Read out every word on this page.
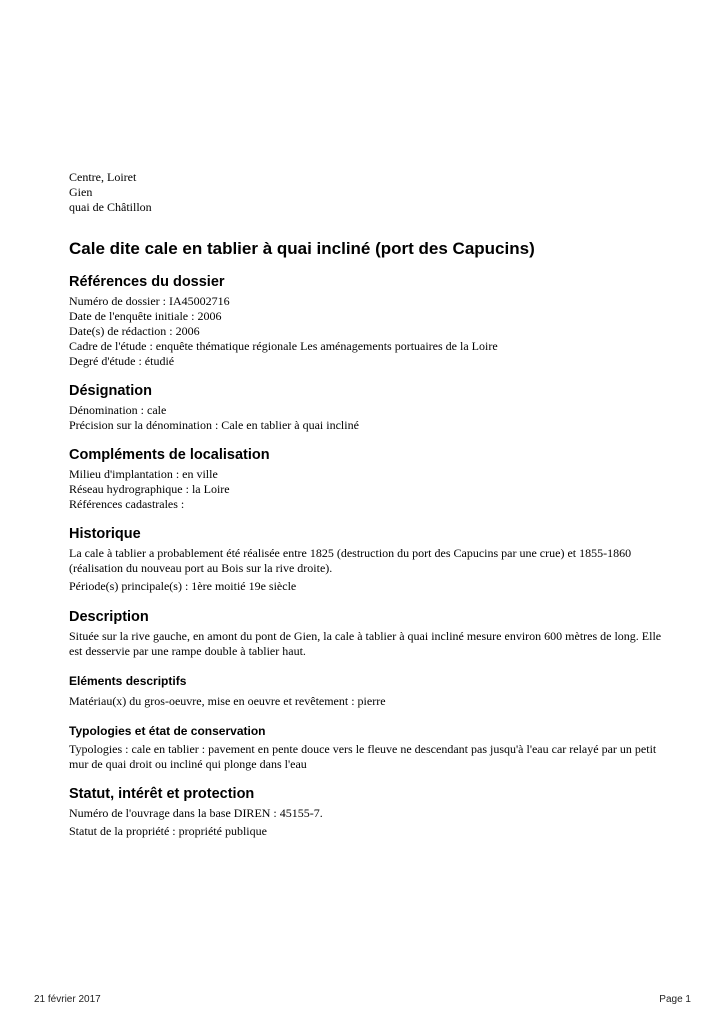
Centre, Loiret
Gien
quai de Châtillon
Cale dite cale en tablier à quai incliné (port des Capucins)
Références du dossier
Numéro de dossier : IA45002716
Date de l'enquête initiale : 2006
Date(s) de rédaction : 2006
Cadre de l'étude : enquête thématique régionale Les aménagements portuaires de la Loire
Degré d'étude : étudié
Désignation
Dénomination : cale
Précision sur la dénomination : Cale en tablier à quai incliné
Compléments de localisation
Milieu d'implantation : en ville
Réseau hydrographique : la Loire
Références cadastrales :
Historique

La cale à tablier a probablement été réalisée entre 1825 (destruction du port des Capucins par une crue) et 1855-1860 (réalisation du nouveau port au Bois sur la rive droite).

Période(s) principale(s) : 1ère moitié 19e siècle

Description

Située sur la rive gauche, en amont du pont de Gien, la cale à tablier à quai incliné mesure environ 600 mètres de long. Elle est desservie par une rampe double à tablier haut.

Eléments descriptifs

Matériau(x) du gros-oeuvre, mise en oeuvre et revêtement : pierre

Typologies et état de conservation

Typologies : cale en tablier : pavement en pente douce vers le fleuve ne descendant pas jusqu'à l'eau car relayé par un petit mur de quai droit ou incliné qui plonge dans l'eau

Statut, intérêt et protection
Numéro de l'ouvrage dans la base DIREN : 45155-7.
Statut de la propriété : propriété publique
21 février 2017	Page 1
